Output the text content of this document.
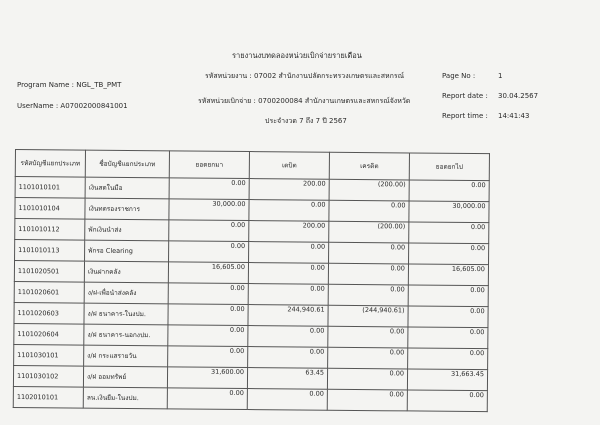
รายงานงบทดลองหน่วยเบิกจ่ายรายเดือน
รหัสหน่วยงาน : 07002 สำนักงานปลัดกระทรวงเกษตรและสหกรณ์
รหัสหน่วยเบิกจ่าย : 0700200084 สำนักงานเกษตรและสหกรณ์จังหวัด
ประจำงวด 7 ถึง 7 ปี 2567
Program Name : NGL_TB_PMT
UserName : A07002000841001
Page No :	1
Report date : 30.04.2567
Report time : 14:41:43
รหัสบัญชีแยกประเภท	ชื่อบัญชีแยกประเภท	ยอดยกมา	เดบิต	เครดิต	ยอดยกไป
1101010101	เงินสดในมือ	0.00	200.00	(200.00)	0.00
1101010104	เงินทดรองราชการ	30,000.00	0.00	0.00	30,000.00
1101010112	พักเงินนำส่ง	0.00	200.00	(200.00)	0.00
1101010113	พักรอ Clearing	0.00	0.00	0.00	0.00
1101020501	เงินฝากคลัง	16,605.00	0.00	0.00	16,605.00
1101020601	ง/ฝ-เพื่อนำส่งคลัง	0.00	0.00	0.00	0.00
1101020603	ง/ฝ ธนาคาร-ในงปม.	0.00	244,940.61	(244,940.61)	0.00
1101020604	ง/ฝ ธนาคาร-นอกงปม.	0.00	0.00	0.00	0.00
1101030101	ง/ฝ กระแสรายวัน	0.00	0.00	0.00	0.00
1101030102	ง/ฝ ออมทรัพย์	31,600.00	63.45	0.00	31,663.45
1102010101	ลน.เงินยืม-ในงปม.	0.00	0.00	0.00	0.00
